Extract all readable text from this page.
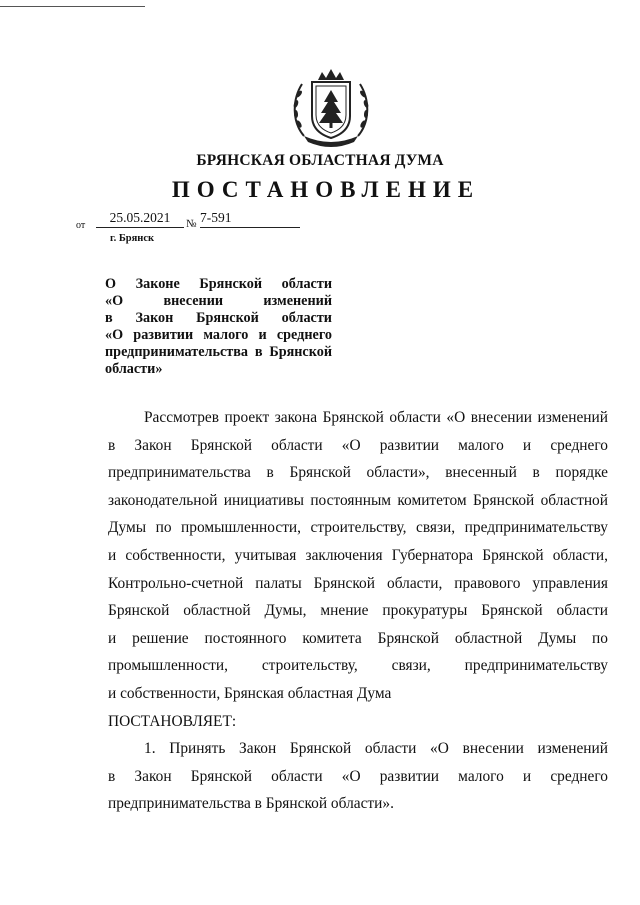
БРЯНСКАЯ ОБЛАСТНАЯ ДУМА
ПОСТАНОВЛЕНИЕ
от
25.05.2021	№ 7-591
г. Брянск
О Законе Брянской области
«О внесении изменений
в Закон Брянской области
«О развитии малого и среднего
предпринимательства в Брянской
области»
Рассмотрев проект закона Брянской области «О внесении изменений
в Закон Брянской области «О развитии малого и среднего
предпринимательства в Брянской области», внесенный в порядке
законодательной инициативы постоянным комитетом Брянской областной
Думы по промышленности, строительству, связи, предпринимательству
и собственности, учитывая заключения Губернатора Брянской области,
Контрольно-счетной палаты Брянской области, правового управления
Брянской областной Думы, мнение прокуратуры Брянской области
и решение постоянного комитета Брянской областной Думы по
промышленности, строительству, связи, предпринимательству
и собственности, Брянская областная Дума
ПОСТАНОВЛЯЕТ:
1. Принять Закон Брянской области «О внесении изменений
в Закон Брянской области «О развитии малого и среднего
предпринимательства в Брянской области».
